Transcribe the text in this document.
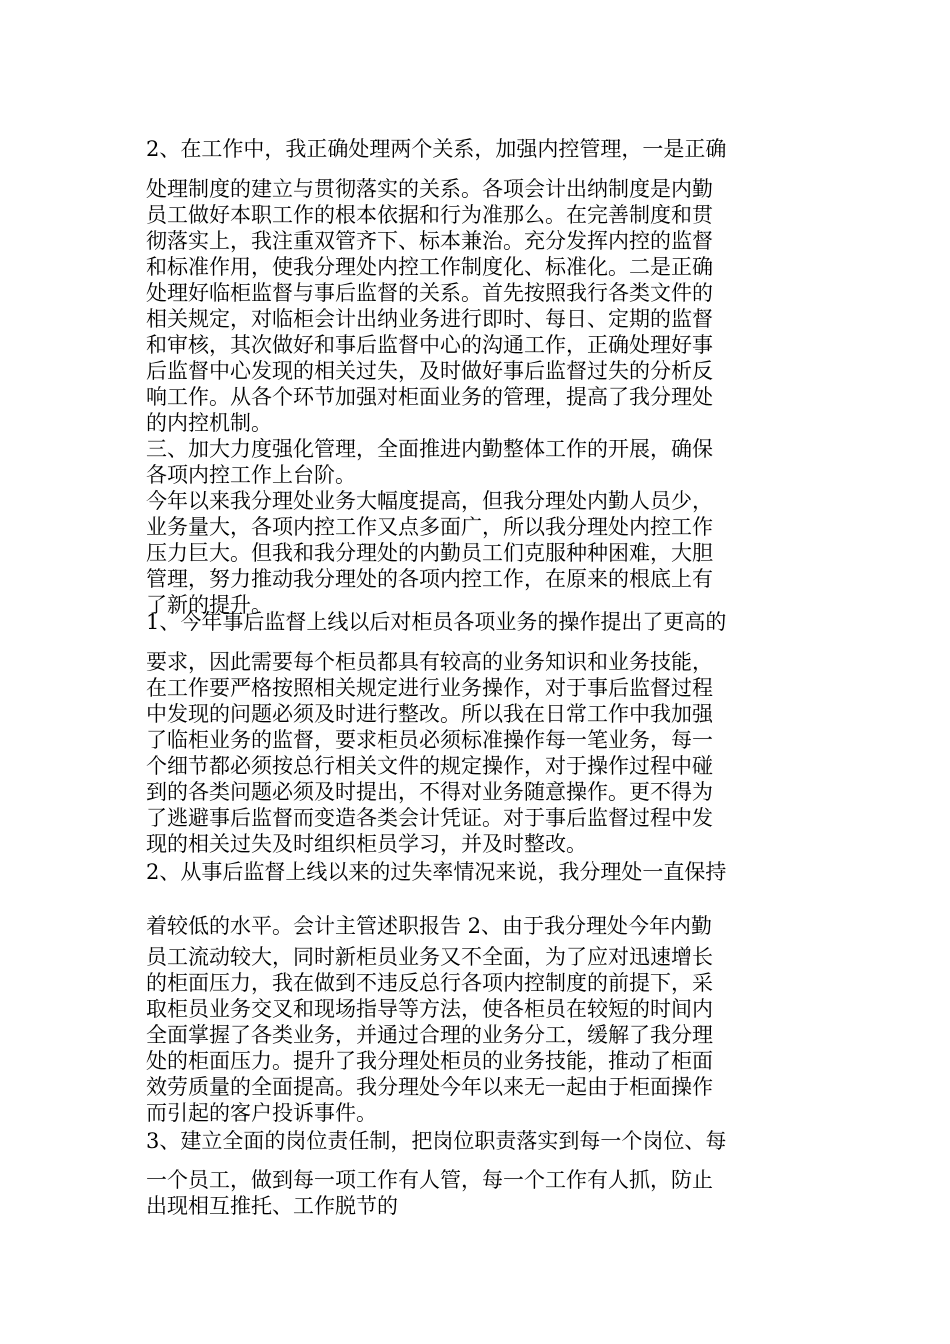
2、在工作中，我正确处理两个关系，加强内控管理，一是正确
处理制度的建立与贯彻落实的关系。各项会计出纳制度是内勤
员工做好本职工作的根本依据和行为准那么。在完善制度和贯
彻落实上，我注重双管齐下、标本兼治。充分发挥内控的监督
和标准作用，使我分理处内控工作制度化、标准化。二是正确
处理好临柜监督与事后监督的关系。首先按照我行各类文件的
相关规定，对临柜会计出纳业务进行即时、每日、定期的监督
和审核，其次做好和事后监督中心的沟通工作，正确处理好事
后监督中心发现的相关过失，及时做好事后监督过失的分析反
响工作。从各个环节加强对柜面业务的管理，提高了我分理处
的内控机制。
三、加大力度强化管理，全面推进内勤整体工作的开展，确保
各项内控工作上台阶。
今年以来我分理处业务大幅度提高，但我分理处内勤人员少，
业务量大，各项内控工作又点多面广，所以我分理处内控工作
压力巨大。但我和我分理处的内勤员工们克服种种困难，大胆
管理，努力推动我分理处的各项内控工作，在原来的根底上有
了新的提升。
1、今年事后监督上线以后对柜员各项业务的操作提出了更高的
要求，因此需要每个柜员都具有较高的业务知识和业务技能，
在工作要严格按照相关规定进行业务操作，对于事后监督过程
中发现的问题必须及时进行整改。所以我在日常工作中我加强
了临柜业务的监督，要求柜员必须标准操作每一笔业务，每一
个细节都必须按总行相关文件的规定操作，对于操作过程中碰
到的各类问题必须及时提出，不得对业务随意操作。更不得为
了逃避事后监督而变造各类会计凭证。对于事后监督过程中发
现的相关过失及时组织柜员学习，并及时整改。
2、从事后监督上线以来的过失率情况来说，我分理处一直保持
着较低的水平。会计主管述职报告 2、由于我分理处今年内勤
员工流动较大，同时新柜员业务又不全面，为了应对迅速增长
的柜面压力，我在做到不违反总行各项内控制度的前提下，采
取柜员业务交叉和现场指导等方法，使各柜员在较短的时间内
全面掌握了各类业务，并通过合理的业务分工，缓解了我分理
处的柜面压力。提升了我分理处柜员的业务技能，推动了柜面
效劳质量的全面提高。我分理处今年以来无一起由于柜面操作
而引起的客户投诉事件。
3、建立全面的岗位责任制，把岗位职责落实到每一个岗位、每
一个员工，做到每一项工作有人管，每一个工作有人抓，防止
出现相互推托、工作脱节的
